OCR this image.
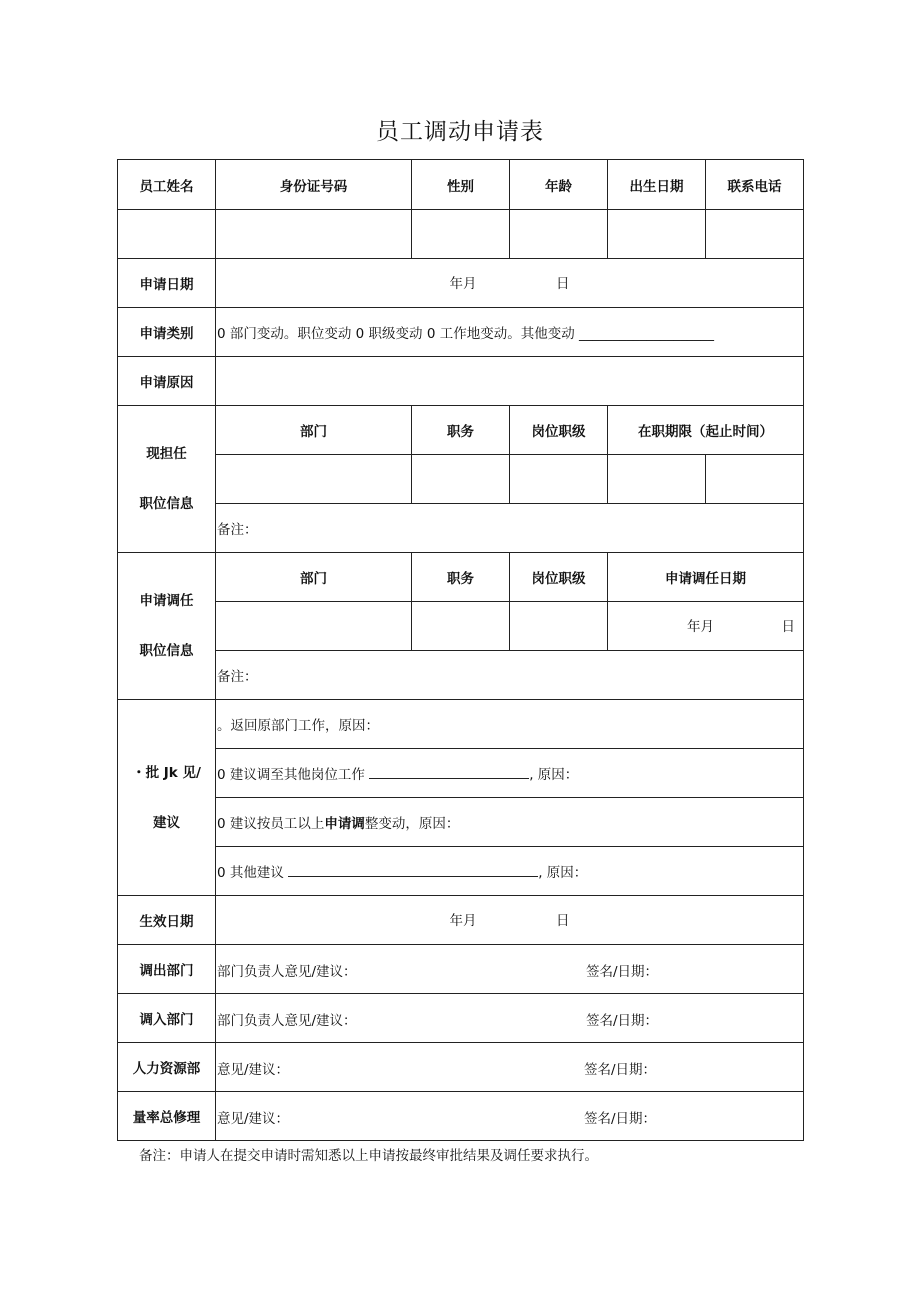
员工调动申请表
员工姓名	身份证号码	性别	年龄	出生日期	联系电话

申请日期	年月 日				

申请类别	0 部门变动。职位变动 0 职级变动 0 工作地变动。其他变动 ____________________				
申请原因					

现担任
职位信息	部门	职务	岗位职级	在职期限（起止时间）	

	备注：				

申请调任
职位信息	部门	职务	岗位职级	申请调任日期	

				年月 日	

	备注：				

・批 Jk 见/
建议	。返回原部门工作，原因：				
	0 建议调至其他岗位工作 , 原因：				
	0 建议按员工以上申请调整变动，原因：				
	0 其他建议 , 原因：				
生效日期	年月 日				

调出部门	部门负责人意见/建议： 签名/日期：				

调入部门	部门负责人意见/建议： 签名/日期：				

人力资源部	意见/建议： 签名/日期：				

量率总修理	意见/建议： 签名/日期：				
备注：申请人在提交申请时需知悉以上申请按最终审批结果及调任要求执行。
